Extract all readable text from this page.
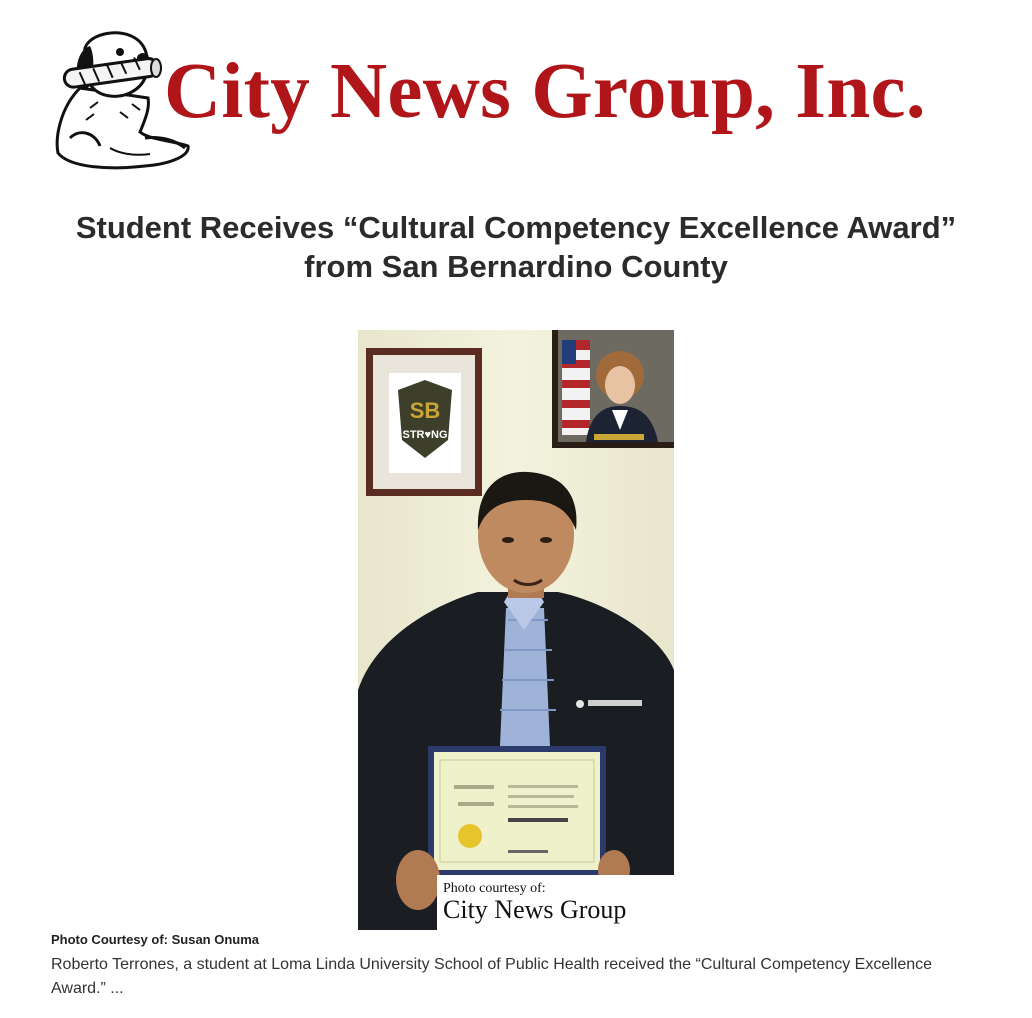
City News Group, Inc.
Student Receives “Cultural Competency Excellence Award”
from San Bernardino County
SB
STR♥NG
Photo courtesy of:
City News Group

Photo Courtesy of: Susan Onuma

Roberto Terrones, a student at Loma Linda University School of Public Health received the “Cultural Competency Excellence Award.” ...
